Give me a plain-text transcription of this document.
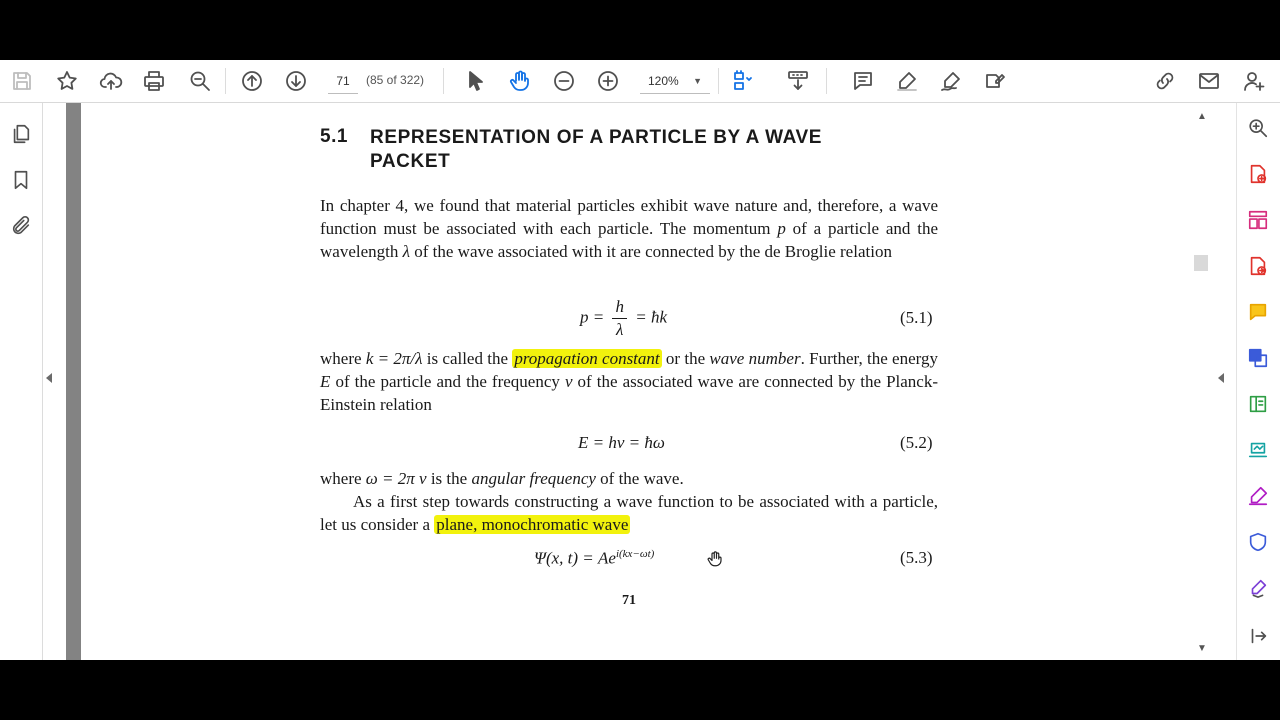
71	(85 of 322)	120% ▼
▲
▼
5.1 REPRESENTATION OF A PARTICLE BY A WAVE PACKET
In chapter 4, we found that material particles exhibit wave nature and, therefore, a wave function must be associated with each particle. The momentum p of a particle and the wavelength λ of the wave associated with it are connected by the de Broglie relation
$p = \frac{h}{\lambda}$ = ħk	(5.1)
where k = 2π/λ is called the propagation constant or the wave number. Further, the energy E of the particle and the frequency ν of the associated wave are connected by the Planck-Einstein relation
E = hν = ħω	(5.2)
where ω = 2π ν is the angular frequency of the wave.
As a first step towards constructing a wave function to be associated with a particle, let us consider a plane, monochromatic wave
Ψ(x, $t) = Ae^{i(kx-\omega t)}$	(5.3)
71
